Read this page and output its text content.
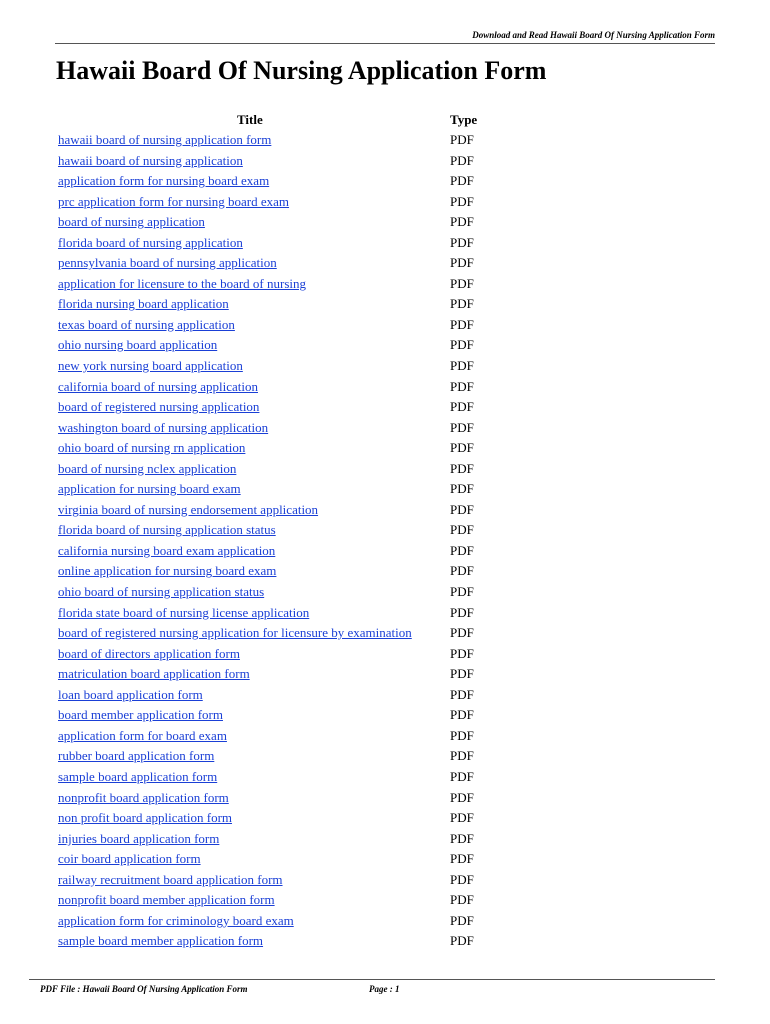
Download and Read Hawaii Board Of Nursing Application Form
Hawaii Board Of Nursing Application Form
Title	Type
hawaii board of nursing application form	PDF
hawaii board of nursing application	PDF
application form for nursing board exam	PDF
prc application form for nursing board exam	PDF
board of nursing application	PDF
florida board of nursing application	PDF
pennsylvania board of nursing application	PDF
application for licensure to the board of nursing	PDF
florida nursing board application	PDF
texas board of nursing application	PDF
ohio nursing board application	PDF
new york nursing board application	PDF
california board of nursing application	PDF
board of registered nursing application	PDF
washington board of nursing application	PDF
ohio board of nursing rn application	PDF
board of nursing nclex application	PDF
application for nursing board exam	PDF
virginia board of nursing endorsement application	PDF
florida board of nursing application status	PDF
california nursing board exam application	PDF
online application for nursing board exam	PDF
ohio board of nursing application status	PDF
florida state board of nursing license application	PDF
board of registered nursing application for licensure by examination	PDF
board of directors application form	PDF
matriculation board application form	PDF
loan board application form	PDF
board member application form	PDF
application form for board exam	PDF
rubber board application form	PDF
sample board application form	PDF
nonprofit board application form	PDF
non profit board application form	PDF
injuries board application form	PDF
coir board application form	PDF
railway recruitment board application form	PDF
nonprofit board member application form	PDF
application form for criminology board exam	PDF
sample board member application form	PDF
PDF File : Hawaii Board Of Nursing Application Form	Page : 1
